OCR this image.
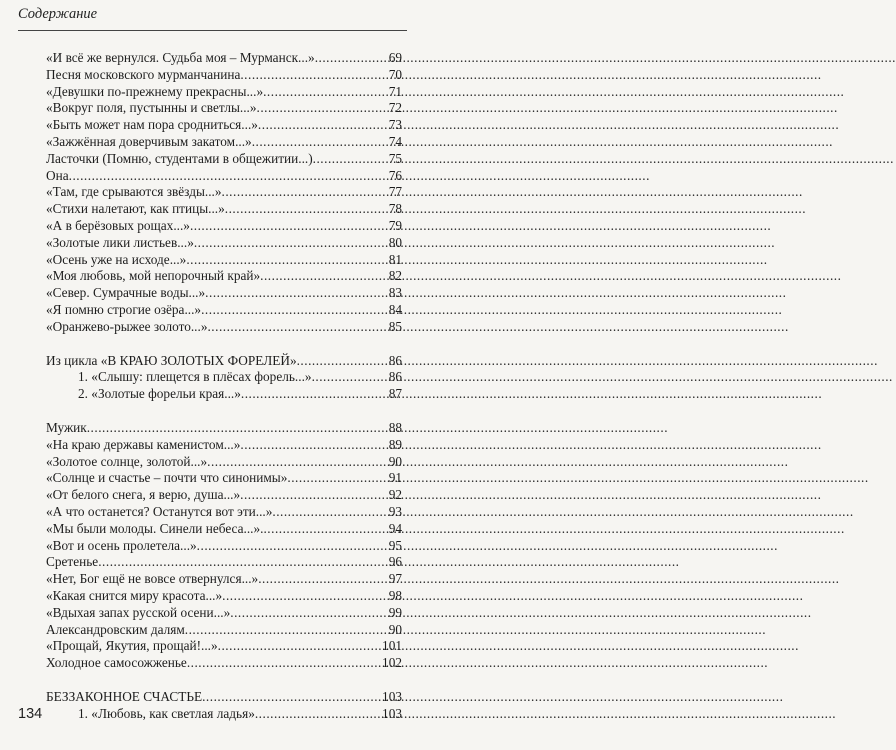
Содержание
«И всё же вернулся. Судьба моя – Мурманск...» .....	69
Песня московского мурманчанина .....	70
«Девушки по-прежнему прекрасны...» .....	71
«Вокруг поля, пустынны и светлы...» .....	72
«Быть может нам пора сродниться...» .....	73
«Зажжённая доверчивым закатом...» .....	74
Ласточки (Помню, студентами в общежитии...) .....	75
Она .....	76
«Там, где срываются звёзды...» .....	77
«Стихи налетают, как птицы...» .....	78
«А в берёзовых рощах...» .....	79
«Золотые лики листьев...» .....	80
«Осень уже на исходе...» .....	81
«Моя любовь, мой непорочный край» .....	82
«Север. Сумрачные воды...» .....	83
«Я помню строгие озёра...» .....	84
«Оранжево-рыжее золото...» .....	85
Из цикла «В КРАЮ ЗОЛОТЫХ ФОРЕЛЕЙ» .....	86
1. «Слышу: плещется в плёсах форель...» .....	86
2. «Золотые форельи края...» .....	87
Мужик .....	88
«На краю державы каменистом...» .....	89
«Золотое солнце, золотой...» .....	90
«Солнце и счастье – почти что синонимы» .....	91
«От белого снега, я верю, душа...» .....	92
«А что останется? Останутся вот эти...» .....	93
«Мы были молоды. Синели небеса...». .....	94
«Вот и осень пролетела...» .....	95
Сретенье .....	96
«Нет, Бог ещё не вовсе отвернулся...» .....	97
«Какая снится миру красота...» .....	98
«Вдыхая запах русской осени...» .....	99
Александровским далям .....	90
«Прощай, Якутия, прощай!...» .....	101
Холодное самосожженье .....	102
БЕЗЗАКОННОЕ СЧАСТЬЕ .....	103
1. «Любовь, как светлая ладья» .....	103
134
